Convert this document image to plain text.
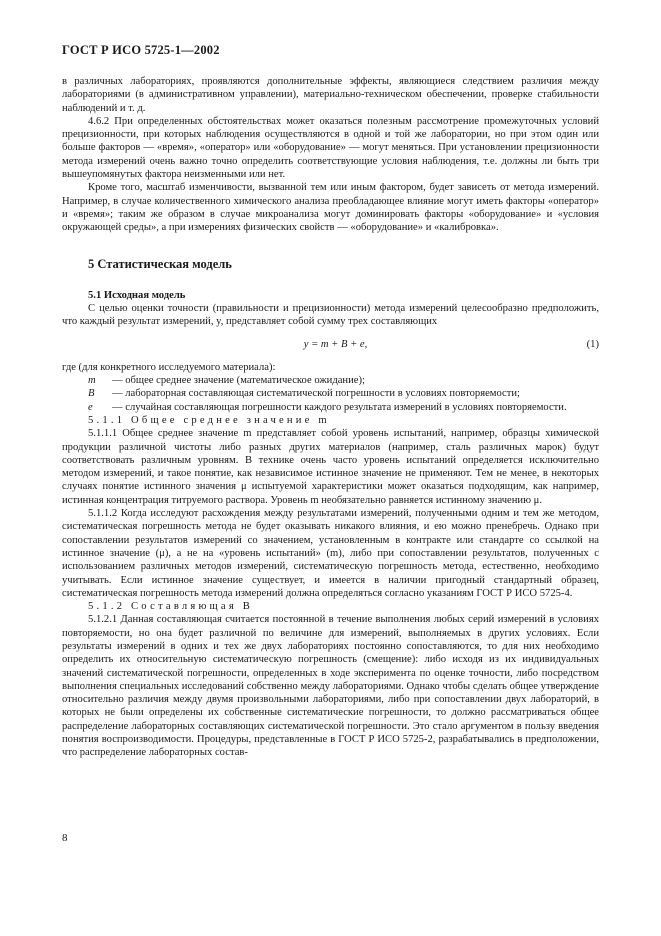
ГОСТ Р ИСО 5725-1—2002

в различных лабораториях, проявляются дополнительные эффекты, являющиеся следствием различия между лабораториями (в административном управлении), материально-техническом обеспечении, проверке стабильности наблюдений и т. д.

4.6.2 При определенных обстоятельствах может оказаться полезным рассмотрение промежуточных условий прецизионности, при которых наблюдения осуществляются в одной и той же лаборатории, но при этом один или больше факторов — «время», «оператор» или «оборудование» — могут меняться. При установлении прецизионности метода измерений очень важно точно определить соответствующие условия наблюдения, т.е. должны ли быть три вышеупомянутых фактора неизменными или нет.

Кроме того, масштаб изменчивости, вызванной тем или иным фактором, будет зависеть от метода измерений. Например, в случае количественного химического анализа преобладающее влияние могут иметь факторы «оператор» и «время»; таким же образом в случае микроанализа могут доминировать факторы «оборудование» и «условия окружающей среды», а при измерениях физических свойств — «оборудование» и «калибровка».

5 Статистическая модель

5.1 Исходная модель

С целью оценки точности (правильности и прецизионности) метода измерений целесообразно предположить, что каждый результат измерений, y, представляет собой сумму трех составляющих

y = m + B + e,	(1)

где (для конкретного исследуемого материала):

m	— общее среднее значение (математическое ожидание);
B	— лабораторная составляющая систематической погрешности в условиях повторяемости;
e	— случайная составляющая погрешности каждого результата измерений в условиях повторяемости.

5.1.1 Общее среднее значение m

5.1.1.1 Общее среднее значение m представляет собой уровень испытаний, например, образцы химической продукции различной чистоты либо разных других материалов (например, сталь различных марок) будут соответствовать различным уровням. В технике очень часто уровень испытаний определяется исключительно методом измерений, и такое понятие, как независимое истинное значение не применяют. Тем не менее, в некоторых случаях понятие истинного значения μ испытуемой характеристики может оказаться подходящим, как например, истинная концентрация титруемого раствора. Уровень m необязательно равняется истинному значению μ.

5.1.1.2 Когда исследуют расхождения между результатами измерений, полученными одним и тем же методом, систематическая погрешность метода не будет оказывать никакого влияния, и ею можно пренебречь. Однако при сопоставлении результатов измерений со значением, установленным в контракте или стандарте со ссылкой на истинное значение (μ), а не на «уровень испытаний» (m), либо при сопоставлении результатов, полученных с использованием различных методов измерений, систематическую погрешность метода, естественно, необходимо учитывать. Если истинное значение существует, и имеется в наличии пригодный стандартный образец, систематическая погрешность метода измерений должна определяться согласно указаниям ГОСТ Р ИСО 5725-4.

5.1.2 Составляющая B

5.1.2.1 Данная составляющая считается постоянной в течение выполнения любых серий измерений в условиях повторяемости, но она будет различной по величине для измерений, выполняемых в других условиях. Если результаты измерений в одних и тех же двух лабораториях постоянно сопоставляются, то для них необходимо определить их относительную систематическую погрешность (смещение): либо исходя из их индивидуальных значений систематической погрешности, определенных в ходе эксперимента по оценке точности, либо посредством выполнения специальных исследований собственно между лабораториями. Однако чтобы сделать общее утверждение относительно различия между двумя произвольными лабораториями, либо при сопоставлении двух лабораторий, в которых не были определены их собственные систематические погрешности, то должно рассматриваться общее распределение лабораторных составляющих систематической погрешности. Это стало аргументом в пользу введения понятия воспроизводимости. Процедуры, представленные в ГОСТ Р ИСО 5725-2, разрабатывались в предположении, что распределение лабораторных состав-

8
